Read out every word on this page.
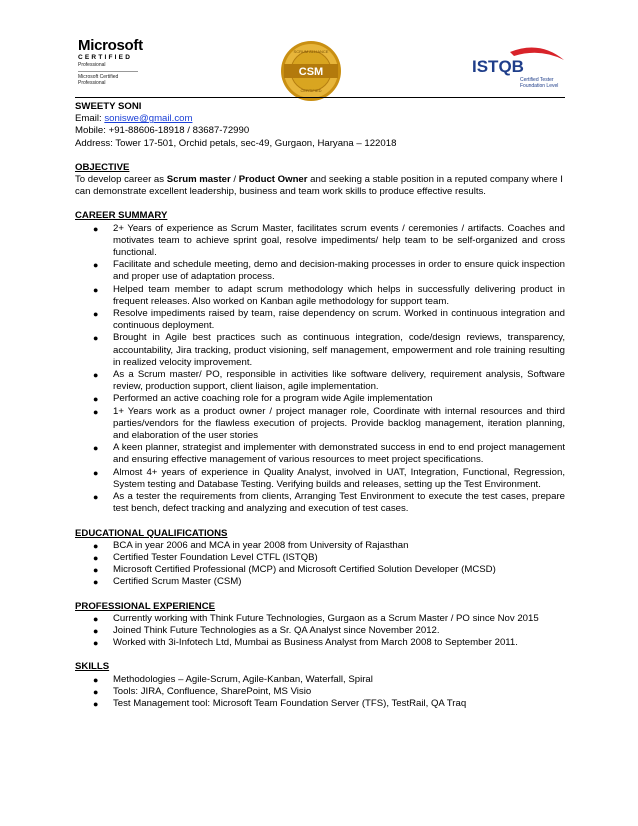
Microsoft
CERTIFIED
Professional
Microsoft Certified
Professional
CSM
SCRUM ALLIANCE
CERTIFIED
ISTQB
Certified Tester
Foundation Level
SWEETY SONI
Email: soniswe@gmail.com
Mobile: +91-88606-18918 / 83687-72990
Address: Tower 17-501, Orchid petals, sec-49, Gurgaon, Haryana – 122018
OBJECTIVE
To develop career as Scrum master / Product Owner and seeking a stable position in a reputed company where I can demonstrate excellent leadership, business and team work skills to produce effective results.
CAREER SUMMARY
● 2+ Years of experience as Scrum Master, facilitates scrum events / ceremonies / artifacts. Coaches and motivates team to achieve sprint goal, resolve impediments/ help team to be self-organized and cross functional.
● Facilitate and schedule meeting, demo and decision-making processes in order to ensure quick inspection and proper use of adaptation process.
● Helped team member to adapt scrum methodology which helps in successfully delivering product in frequent releases. Also worked on Kanban agile methodology for support team.
● Resolve impediments raised by team, raise dependency on scrum. Worked in continuous integration and continuous deployment.
● Brought in Agile best practices such as continuous integration, code/design reviews, transparency, accountability, Jira tracking, product visioning, self management, empowerment and role training resulting in realized velocity improvement.
● As a Scrum master/ PO, responsible in activities like software delivery, requirement analysis, Software review, production support, client liaison, agile implementation.
● Performed an active coaching role for a program wide Agile implementation
● 1+ Years work as a product owner / project manager role, Coordinate with internal resources and third parties/vendors for the flawless execution of projects. Provide backlog management, iteration planning, and elaboration of the user stories
● A keen planner, strategist and implementer with demonstrated success in end to end project management and ensuring effective management of various resources to meet project specifications.
● Almost 4+ years of experience in Quality Analyst, involved in UAT, Integration, Functional, Regression, System testing and Database Testing. Verifying builds and releases, setting up the Test Environment.
● As a tester the requirements from clients, Arranging Test Environment to execute the test cases, prepare test bench, defect tracking and analyzing and execution of test cases.
EDUCATIONAL QUALIFICATIONS
● BCA in year 2006 and MCA in year 2008 from University of Rajasthan
● Certified Tester Foundation Level CTFL (ISTQB)
● Microsoft Certified Professional (MCP) and Microsoft Certified Solution Developer (MCSD)
● Certified Scrum Master (CSM)
PROFESSIONAL EXPERIENCE
● Currently working with Think Future Technologies, Gurgaon as a Scrum Master / PO since Nov 2015
● Joined Think Future Technologies as a Sr. QA Analyst since November 2012.
● Worked with 3i-Infotech Ltd, Mumbai as Business Analyst from March 2008 to September 2011.
SKILLS
● Methodologies – Agile-Scrum, Agile-Kanban, Waterfall, Spiral
● Tools: JIRA, Confluence, SharePoint, MS Visio
● Test Management tool: Microsoft Team Foundation Server (TFS), TestRail, QA Traq
